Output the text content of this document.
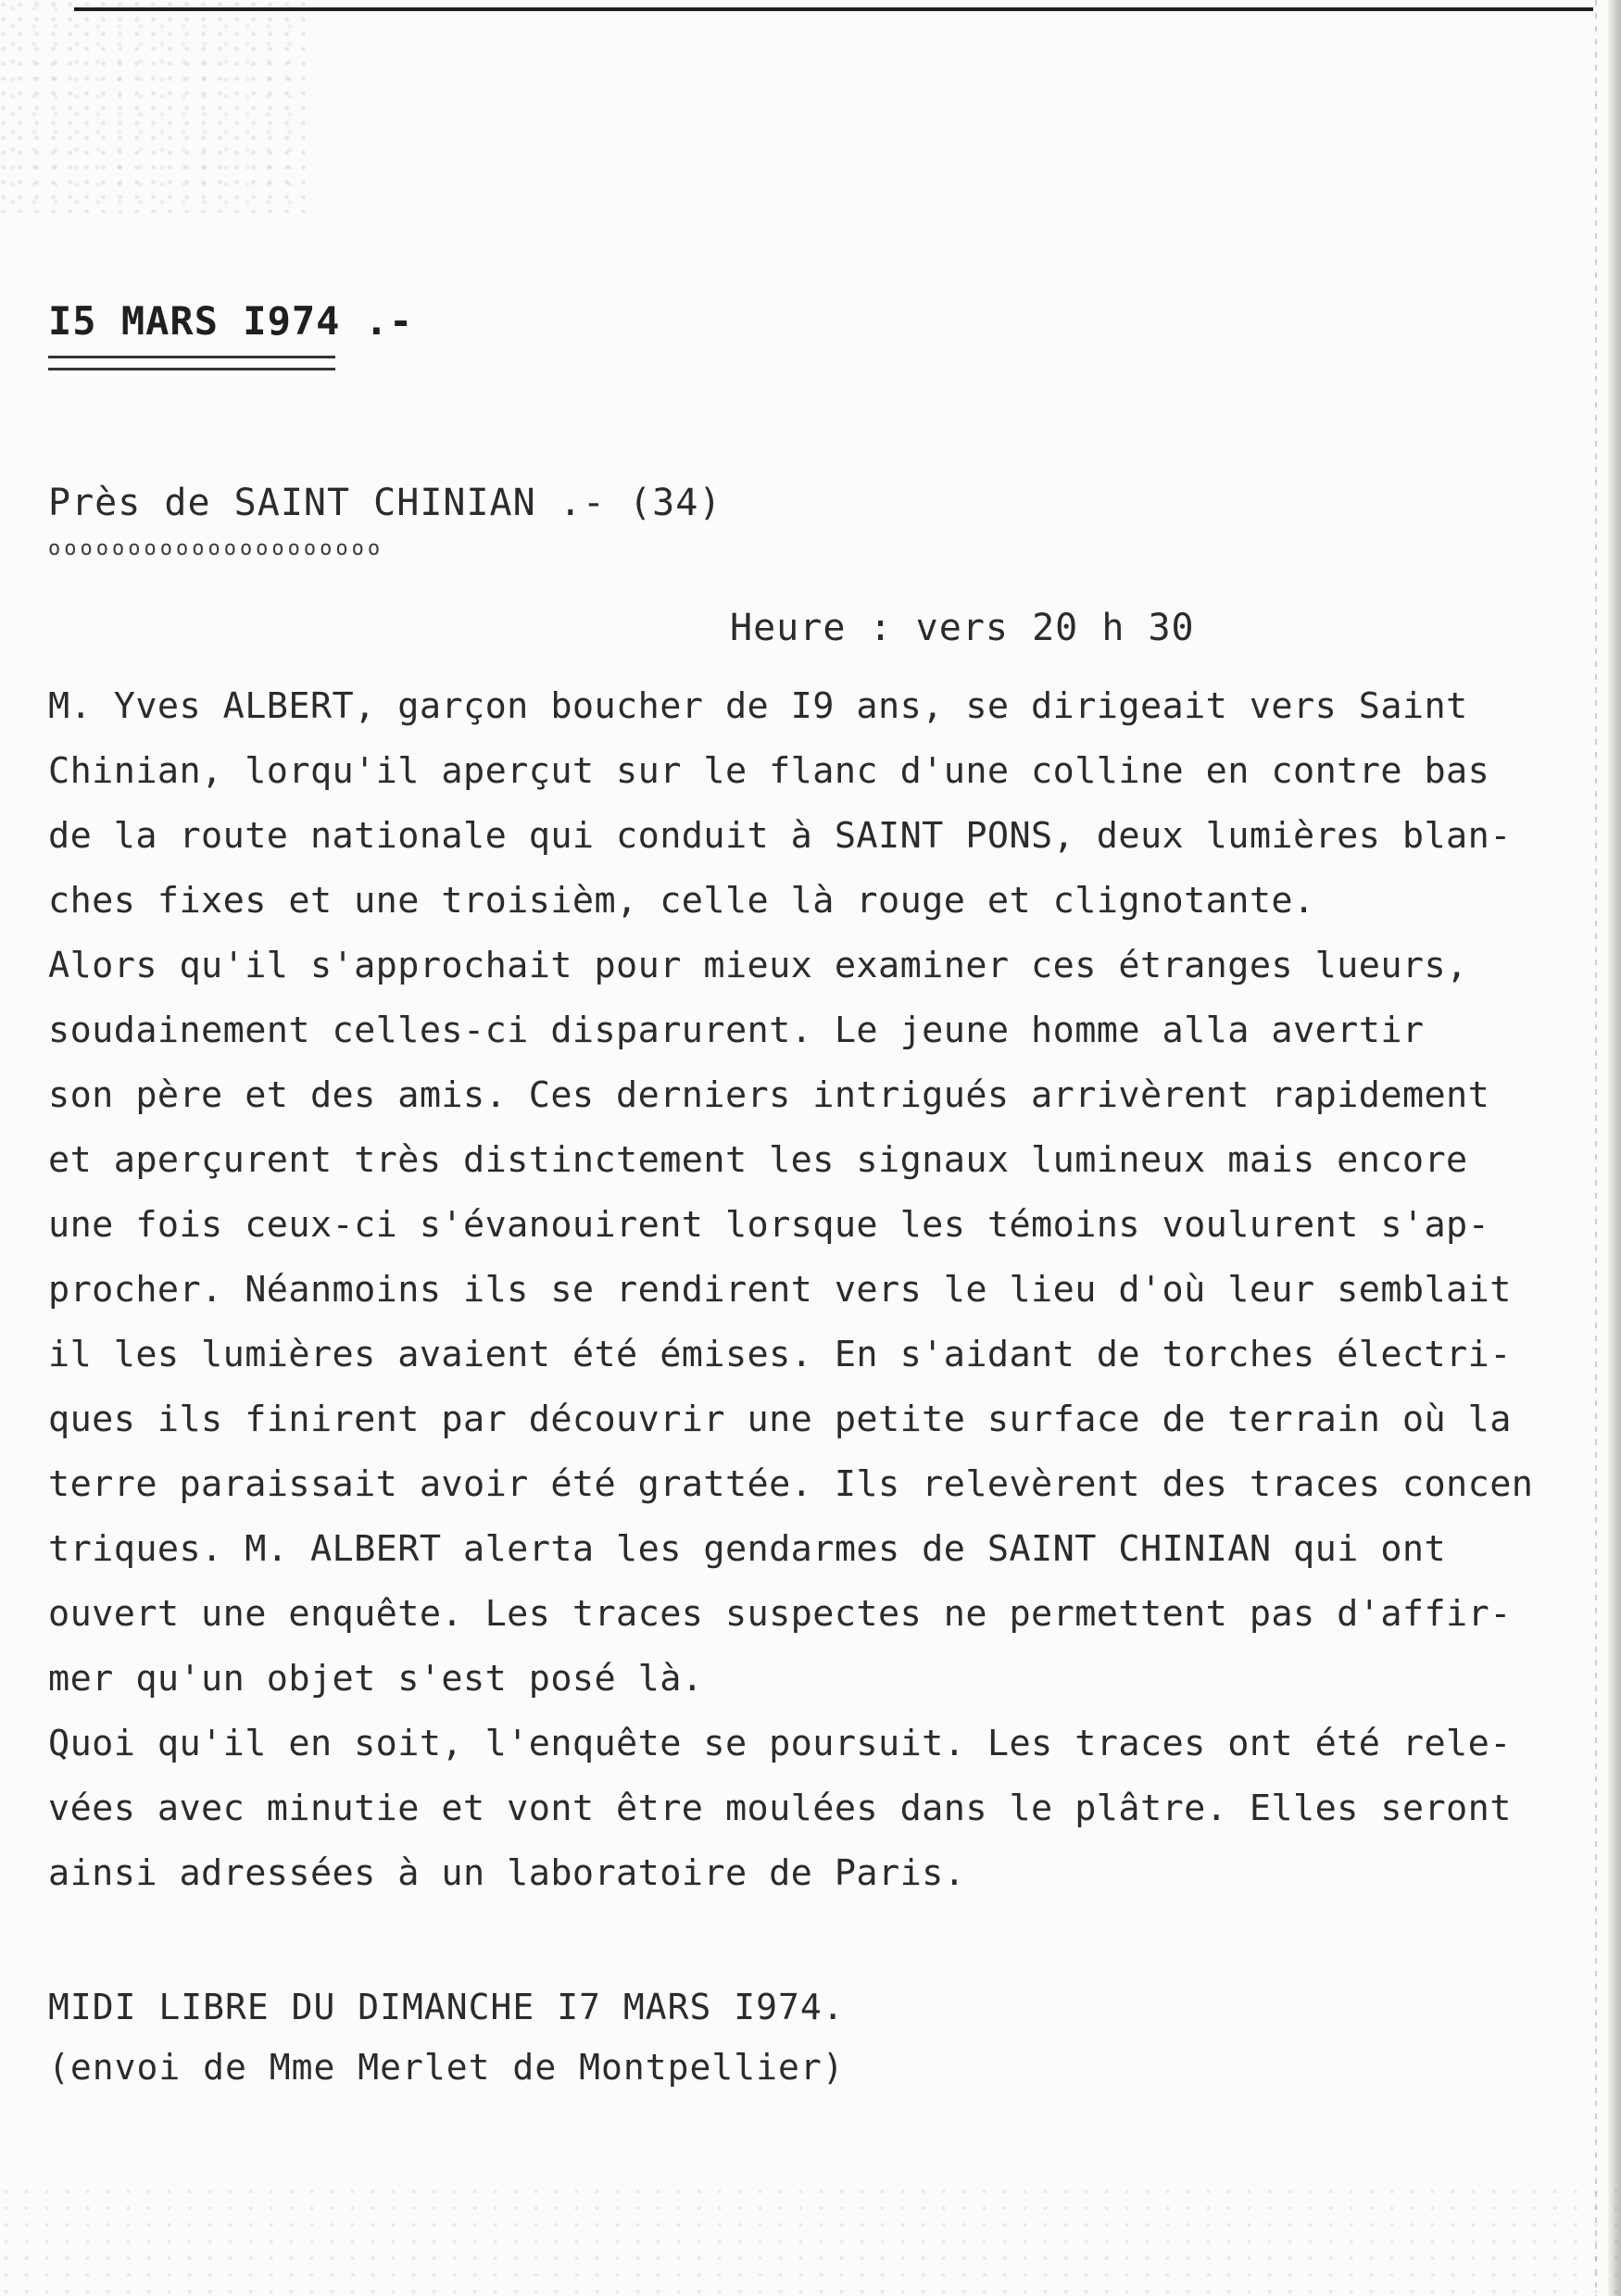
I5 MARS I974 .-
Près de SAINT CHINIAN .- (34)
ooooooooooooooooooooo
Heure : vers 20 h 30
M. Yves ALBERT, garçon boucher de I9 ans, se dirigeait vers Saint
Chinian, lorqu'il aperçut sur le flanc d'une colline en contre bas
de la route nationale qui conduit à SAINT PONS, deux lumières blan-
ches fixes et une troisièm, celle là rouge et clignotante.
Alors qu'il s'approchait pour mieux examiner ces étranges lueurs,
soudainement celles-ci disparurent. Le jeune homme alla avertir
son père et des amis. Ces derniers intrigués arrivèrent rapidement
et aperçurent très distinctement les signaux lumineux mais encore
une fois ceux-ci s'évanouirent lorsque les témoins voulurent s'ap-
procher. Néanmoins ils se rendirent vers le lieu d'où leur semblait
il les lumières avaient été émises. En s'aidant de torches électri-
ques ils finirent par découvrir une petite surface de terrain où la
terre paraissait avoir été grattée. Ils relevèrent des traces concen
triques. M. ALBERT alerta les gendarmes de SAINT CHINIAN qui ont
ouvert une enquête. Les traces suspectes ne permettent pas d'affir-
mer qu'un objet s'est posé là.
Quoi qu'il en soit, l'enquête se poursuit. Les traces ont été rele-
vées avec minutie et vont être moulées dans le plâtre. Elles seront
ainsi adressées à un laboratoire de Paris.
MIDI LIBRE DU DIMANCHE I7 MARS I974.
(envoi de Mme Merlet de Montpellier)
